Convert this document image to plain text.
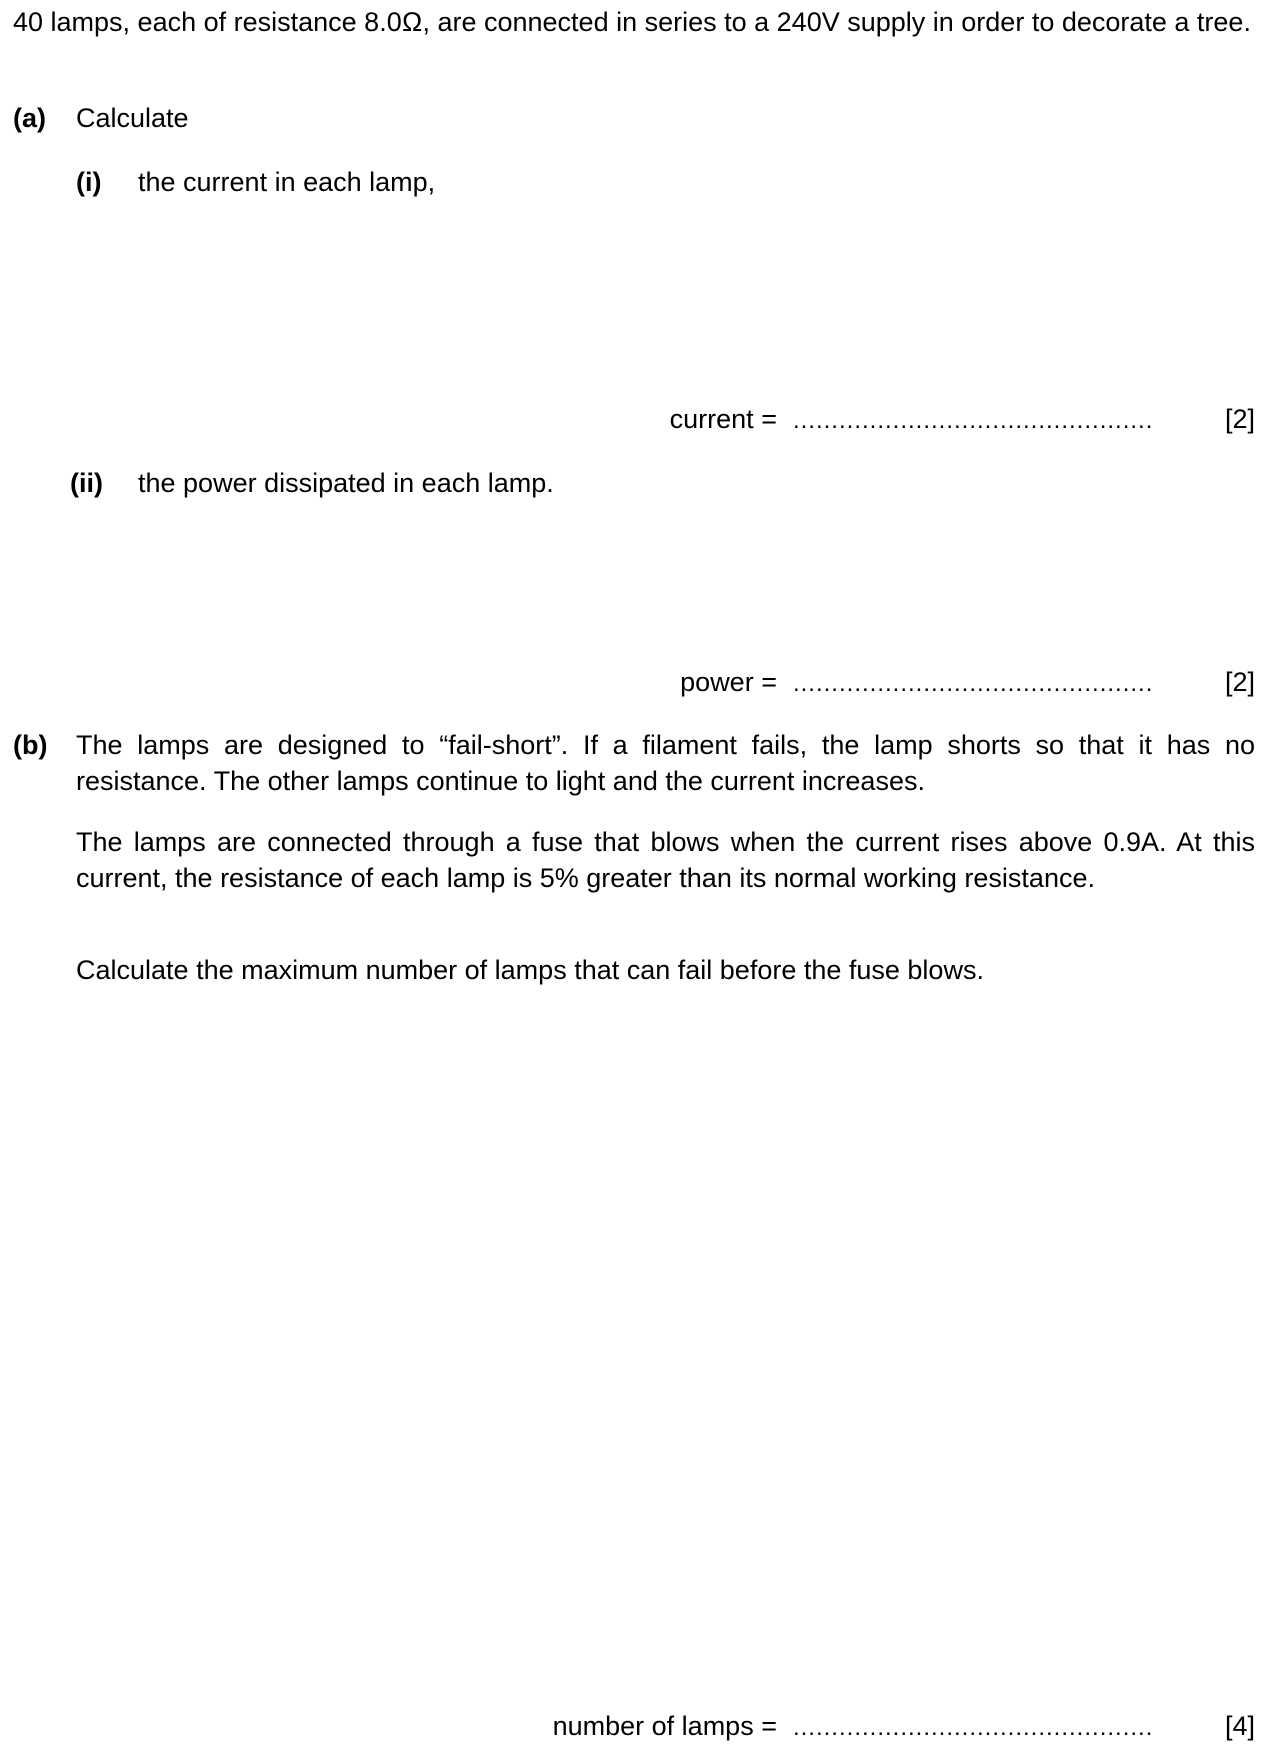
40 lamps, each of resistance 8.0Ω, are connected in series to a 240V supply in order to decorate a tree.
(a) Calculate
(i) the current in each lamp,
current = ...............................................	[2]
(ii) the power dissipated in each lamp.
power = ...............................................	[2]
(b) The lamps are designed to “fail-short”. If a filament fails, the lamp shorts so that it has no resistance. The other lamps continue to light and the current increases.
The lamps are connected through a fuse that blows when the current rises above 0.9A. At this current, the resistance of each lamp is 5% greater than its normal working resistance.
Calculate the maximum number of lamps that can fail before the fuse blows.
number of lamps = ...............................................	[4]
